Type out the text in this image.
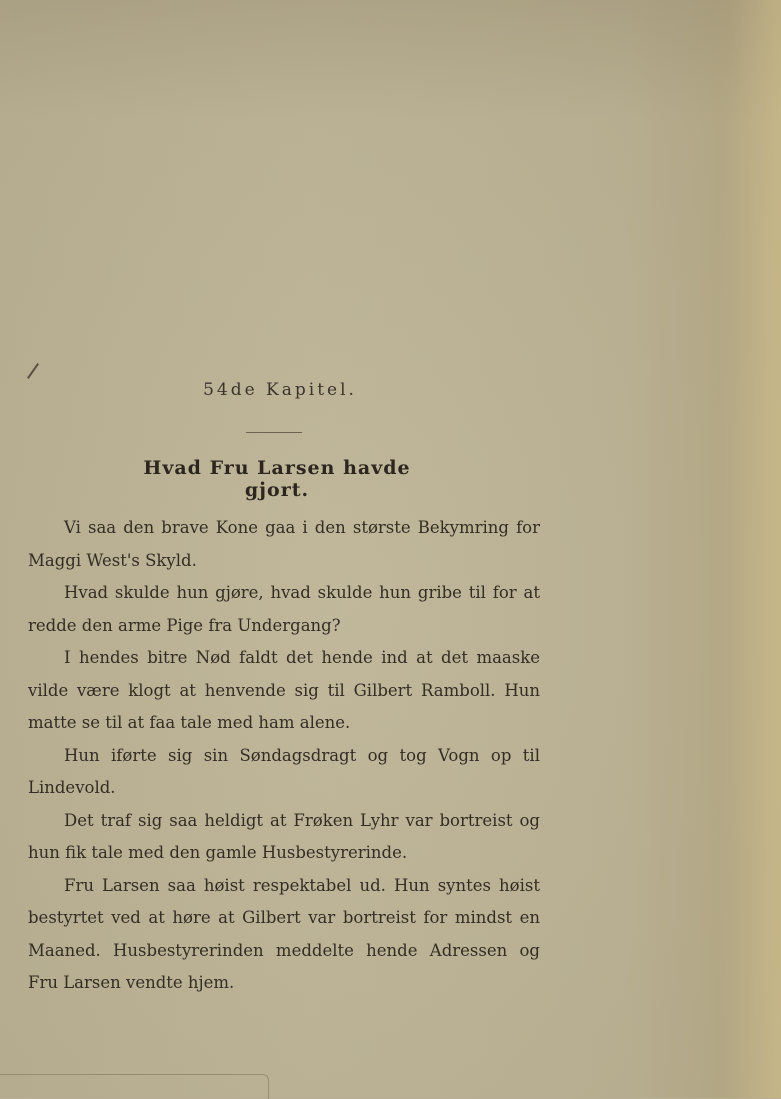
54de Kapitel.
Hvad Fru Larsen havde gjort.

Vi saa den brave Kone gaa i den største Bekymring for Maggi West's Skyld.

Hvad skulde hun gjøre, hvad skulde hun gribe til for at redde den arme Pige fra Undergang?

I hendes bitre Nød faldt det hende ind at det maaske vilde være klogt at henvende sig til Gilbert Ramboll. Hun matte se til at faa tale med ham alene.

Hun iførte sig sin Søndagsdragt og tog Vogn op til Lindevold.

Det traf sig saa heldigt at Frøken Lyhr var bortreist og hun fik tale med den gamle Husbestyrerinde.

Fru Larsen saa høist respektabel ud. Hun syntes høist bestyrtet ved at høre at Gilbert var bortreist for mindst en Maaned. Husbestyrerinden meddelte hende Adressen og Fru Larsen vendte hjem.
